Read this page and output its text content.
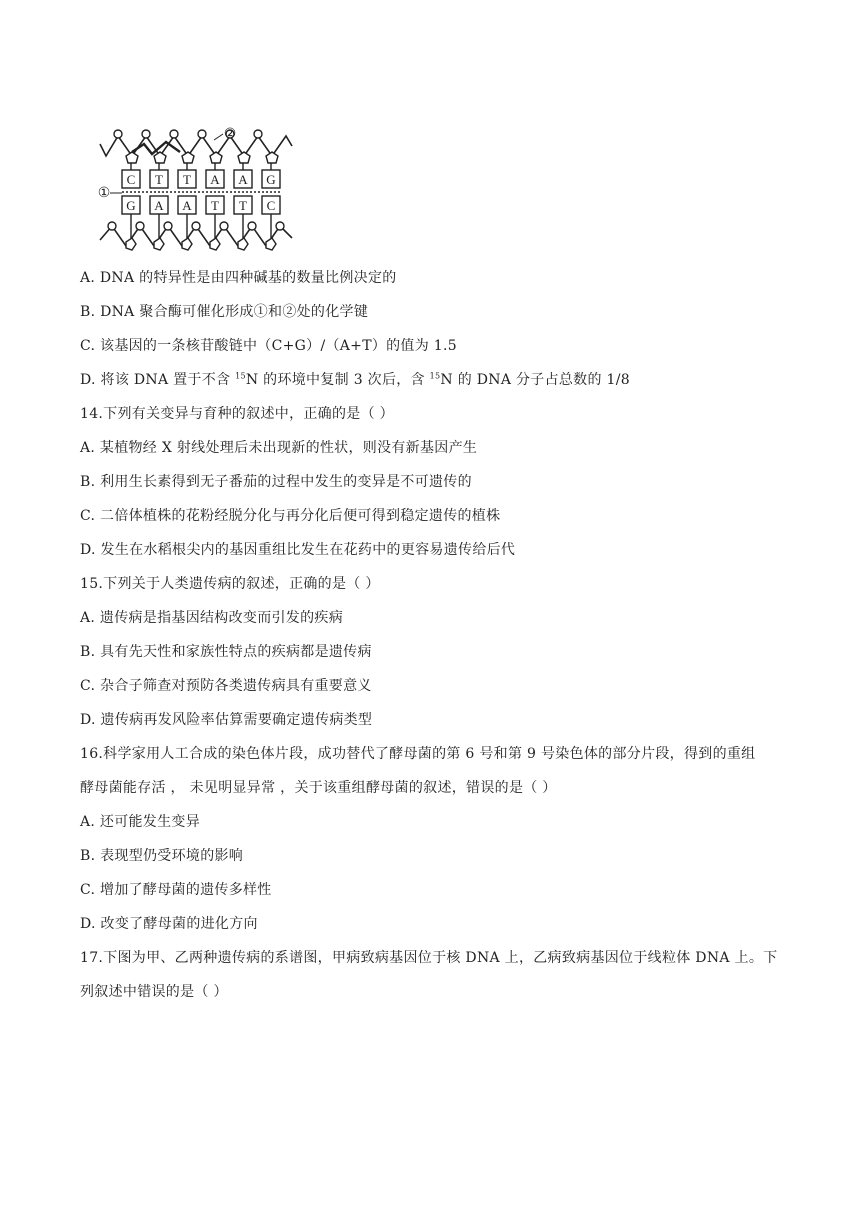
C T T A A G
G A A T T C
①
②
A. DNA 的特异性是由四种碱基的数量比例决定的
B. DNA 聚合酶可催化形成①和②处的化学键
C. 该基因的一条核苷酸链中（C+G）/（A+T）的值为 1.5
D. 将该 DNA 置于不含 $^{15}$N 的环境中复制 3 次后，含 $^{15}$N 的 DNA 分子占总数的 1/8
14.下列有关变异与育种的叙述中，正确的是（ ）
A. 某植物经 X 射线处理后未出现新的性状，则没有新基因产生
B. 利用生长素得到无子番茄的过程中发生的变异是不可遗传的
C. 二倍体植株的花粉经脱分化与再分化后便可得到稳定遗传的植株
D. 发生在水稻根尖内的基因重组比发生在花药中的更容易遗传给后代
15.下列关于人类遗传病的叙述，正确的是（ ）
A. 遗传病是指基因结构改变而引发的疾病
B. 具有先天性和家族性特点的疾病都是遗传病
C. 杂合子筛查对预防各类遗传病具有重要意义
D. 遗传病再发风险率估算需要确定遗传病类型
16.科学家用人工合成的染色体片段，成功替代了酵母菌的第 6 号和第 9 号染色体的部分片段，得到的重组
酵母菌能存活 ， 未见明显异常 ，关于该重组酵母菌的叙述，错误的是（ ）
A. 还可能发生变异
B. 表现型仍受环境的影响
C. 增加了酵母菌的遗传多样性
D. 改变了酵母菌的进化方向
17.下图为甲、乙两种遗传病的系谱图，甲病致病基因位于核 DNA 上，乙病致病基因位于线粒体 DNA 上。下
列叙述中错误的是（ ）
